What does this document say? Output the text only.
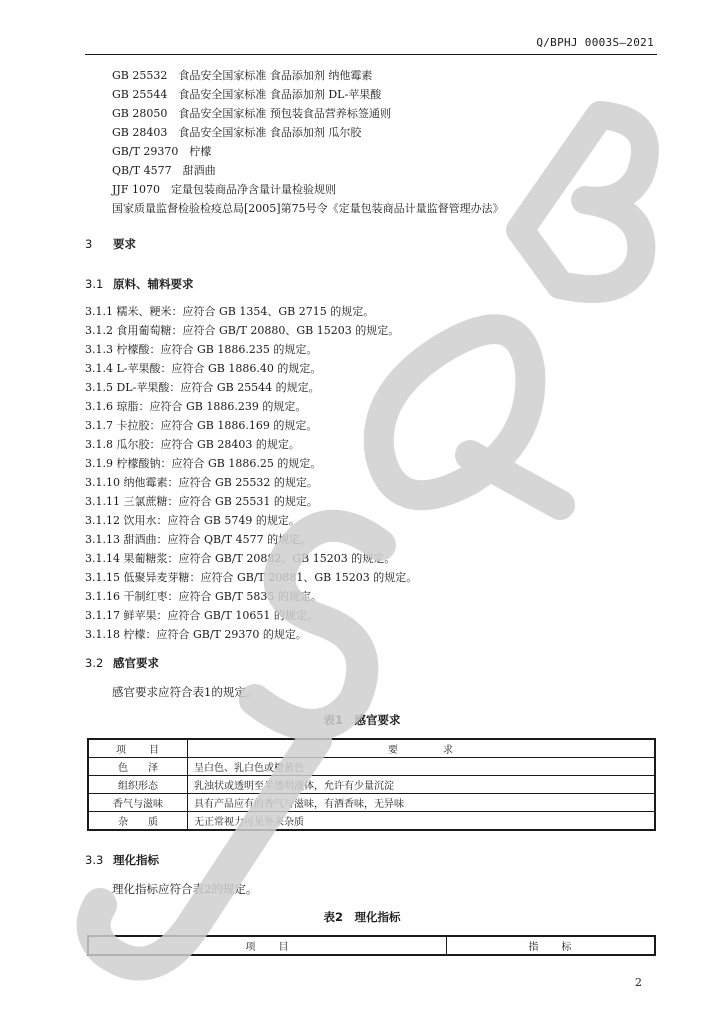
Q/BPHJ 0003S—2021
GB 25532　食品安全国家标准 食品添加剂 纳他霉素
GB 25544　食品安全国家标准 食品添加剂 DL-苹果酸
GB 28050　食品安全国家标准 预包装食品营养标签通则
GB 28403　食品安全国家标准 食品添加剂 瓜尔胶
GB/T 29370　柠檬
QB/T 4577　甜酒曲
JJF 1070　定量包装商品净含量计量检验规则
国家质量监督检验检疫总局[2005]第75号令《定量包装商品计量监督管理办法》
3 要求
3.1 原料、辅料要求
3.1.1 糯米、粳米：应符合 GB 1354、GB 2715 的规定。
3.1.2 食用葡萄糖：应符合 GB/T 20880、GB 15203 的规定。
3.1.3 柠檬酸：应符合 GB 1886.235 的规定。
3.1.4 L-苹果酸：应符合 GB 1886.40 的规定。
3.1.5 DL-苹果酸：应符合 GB 25544 的规定。
3.1.6 琼脂：应符合 GB 1886.239 的规定。
3.1.7 卡拉胶：应符合 GB 1886.169 的规定。
3.1.8 瓜尔胶：应符合 GB 28403 的规定。
3.1.9 柠檬酸钠：应符合 GB 1886.25 的规定。
3.1.10 纳他霉素：应符合 GB 25532 的规定。
3.1.11 三氯蔗糖：应符合 GB 25531 的规定。
3.1.12 饮用水：应符合 GB 5749 的规定。
3.1.13 甜酒曲：应符合 QB/T 4577 的规定。
3.1.14 果葡糖浆：应符合 GB/T 20882、GB 15203 的规定。
3.1.15 低聚异麦芽糖：应符合 GB/T 20881、GB 15203 的规定。
3.1.16 干制红枣：应符合 GB/T 5835 的规定。
3.1.17 鲜苹果：应符合 GB/T 10651 的规定。
3.1.18 柠檬：应符合 GB/T 29370 的规定。
3.2 感官要求
感官要求应符合表1的规定。
表1　感官要求
项　　目	要　　　　求
色　　泽	呈白色、乳白色或橙黄色
组织形态	乳浊状或透明至半透明液体，允许有少量沉淀
香气与滋味	具有产品应有的香气与滋味，有酒香味，无异味
杂　　质	无正常视力可见外来杂质
3.3 理化指标
理化指标应符合表2的规定。
表2　理化指标
项　　目	指　　标
2
